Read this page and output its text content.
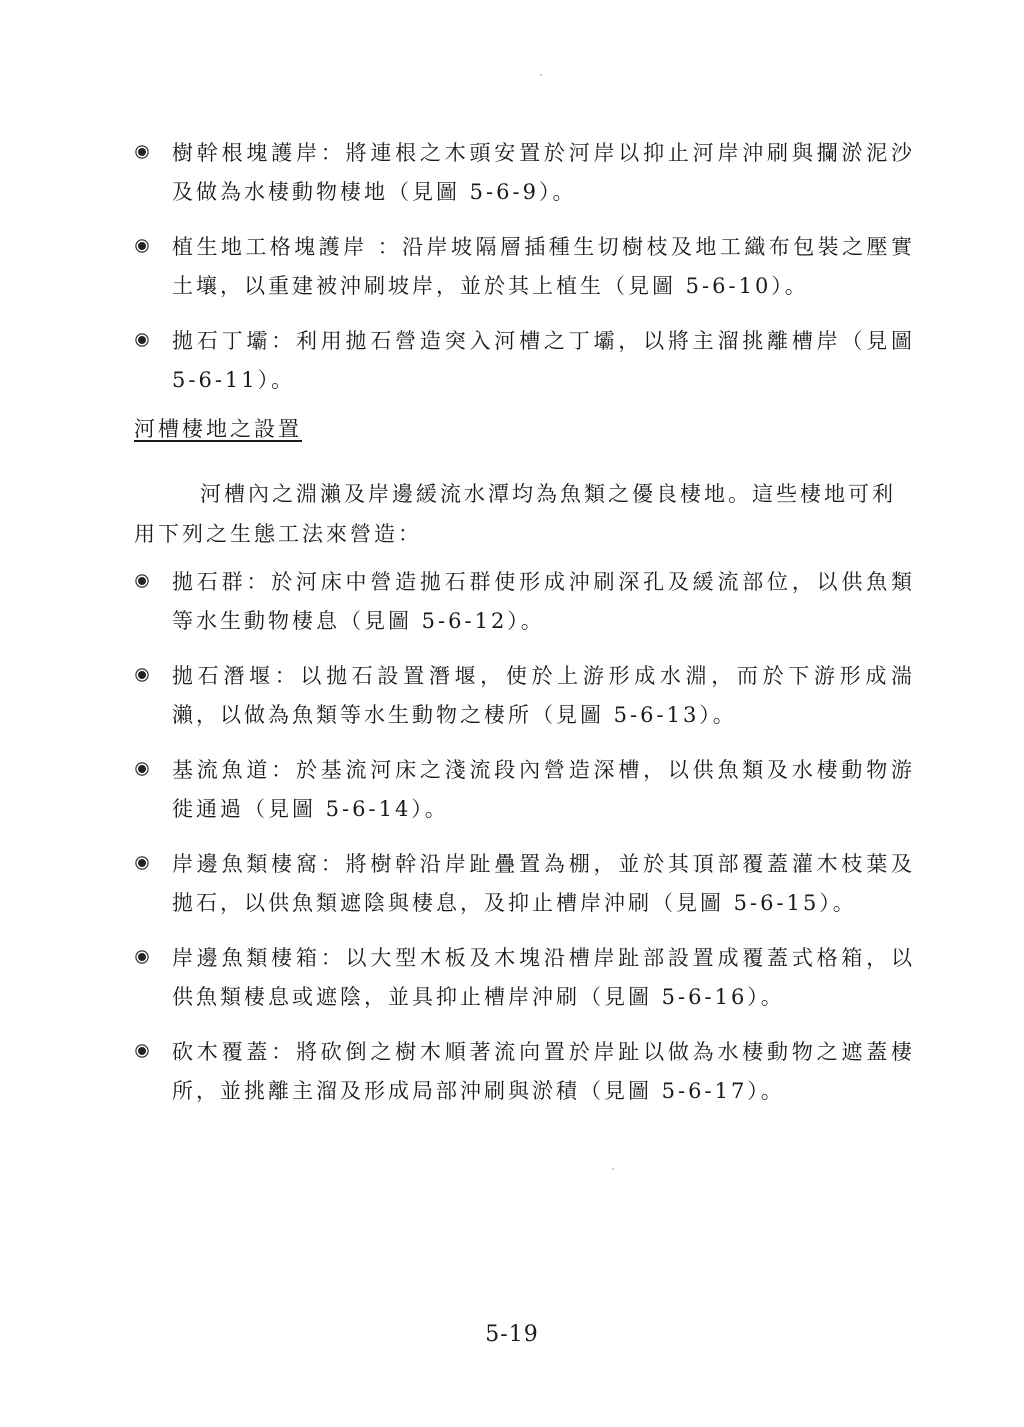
樹幹根塊護岸：將連根之木頭安置於河岸以抑止河岸沖刷與攔淤泥沙及做為水棲動物棲地（見圖 5-6-9）。
植生地工格塊護岸 ：沿岸坡隔層插種生切樹枝及地工織布包裝之壓實土壤，以重建被沖刷坡岸，並於其上植生（見圖 5-6-10）。
拋石丁壩：利用拋石營造突入河槽之丁壩，以將主溜挑離槽岸（見圖 5-6-11）。
河槽棲地之設置

河槽內之淵瀨及岸邊緩流水潭均為魚類之優良棲地。這些棲地可利用下列之生態工法來營造：

拋石群：於河床中營造拋石群使形成沖刷深孔及緩流部位，以供魚類等水生動物棲息（見圖 5-6-12）。
拋石潛堰：以拋石設置潛堰，使於上游形成水淵，而於下游形成湍瀨，以做為魚類等水生動物之棲所（見圖 5-6-13）。
基流魚道：於基流河床之淺流段內營造深槽，以供魚類及水棲動物游徙通過（見圖 5-6-14）。
岸邊魚類棲窩：將樹幹沿岸趾疊置為棚，並於其頂部覆蓋灌木枝葉及拋石，以供魚類遮陰與棲息，及抑止槽岸沖刷（見圖 5-6-15）。
岸邊魚類棲箱：以大型木板及木塊沿槽岸趾部設置成覆蓋式格箱，以供魚類棲息或遮陰，並具抑止槽岸沖刷（見圖 5-6-16）。
砍木覆蓋：將砍倒之樹木順著流向置於岸趾以做為水棲動物之遮蓋棲所，並挑離主溜及形成局部沖刷與淤積（見圖 5-6-17）。
5-19
